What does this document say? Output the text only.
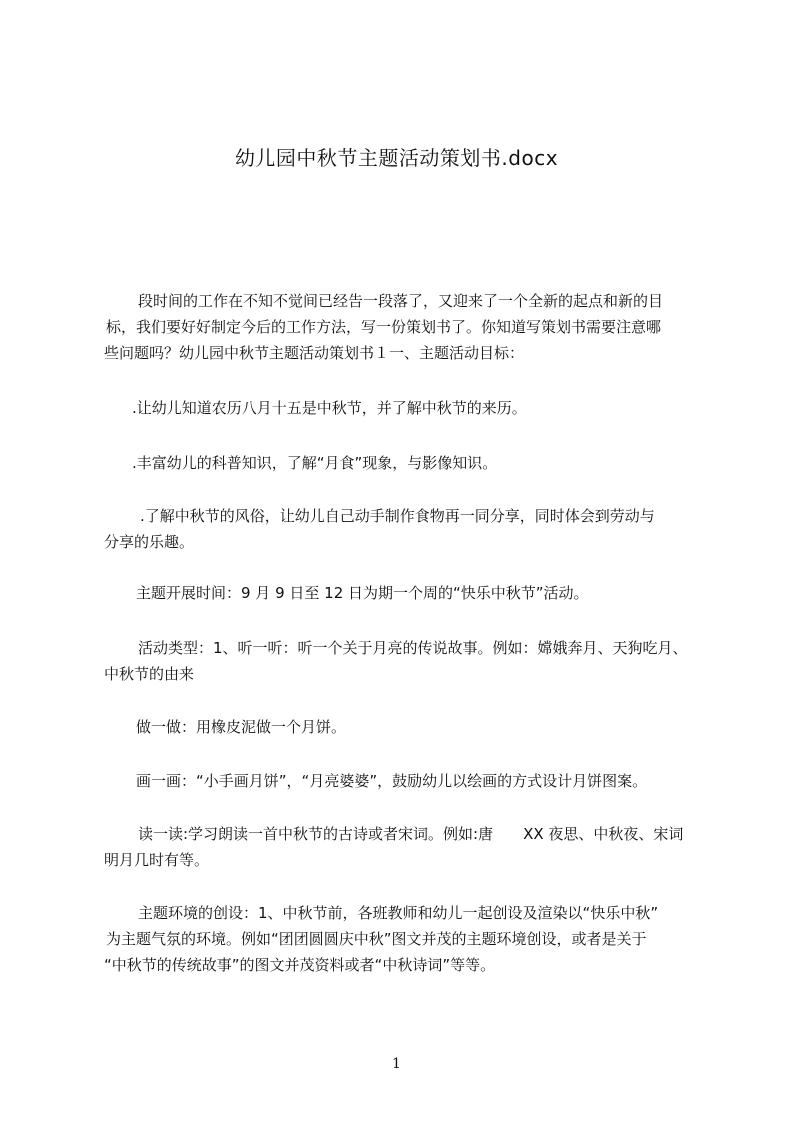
幼儿园中秋节主题活动策划书.docx

段时间的工作在不知不觉间已经告一段落了，又迎来了一个全新的起点和新的目
标，我们要好好制定今后的工作方法，写一份策划书了。你知道写策划书需要注意哪
些问题吗？幼儿园中秋节主题活动策划书１一、主题活动目标：

.让幼儿知道农历八月十五是中秋节，并了解中秋节的来历。

.丰富幼儿的科普知识，了解“月食”现象，与影像知识。

.了解中秋节的风俗，让幼儿自己动手制作食物再一同分享，同时体会到劳动与
分享的乐趣。

主题开展时间：9 月 9 日至 12 日为期一个周的“快乐中秋节”活动。

活动类型：1、听一听：听一个关于月亮的传说故事。例如：嫦娥奔月、天狗吃月、
中秋节的由来

做一做：用橡皮泥做一个月饼。

画一画：“小手画月饼”，“月亮婆婆”，鼓励幼儿以绘画的方式设计月饼图案。

读一读:学习朗读一首中秋节的古诗或者宋词。例如:唐　　XX 夜思、中秋夜、宋词
明月几时有等。

主题环境的创设：1、中秋节前，各班教师和幼儿一起创设及渲染以“快乐中秋”
为主题气氛的环境。例如“团团圆圆庆中秋”图文并茂的主题环境创设，或者是关于
“中秋节的传统故事”的图文并茂资料或者“中秋诗词”等等。

1
